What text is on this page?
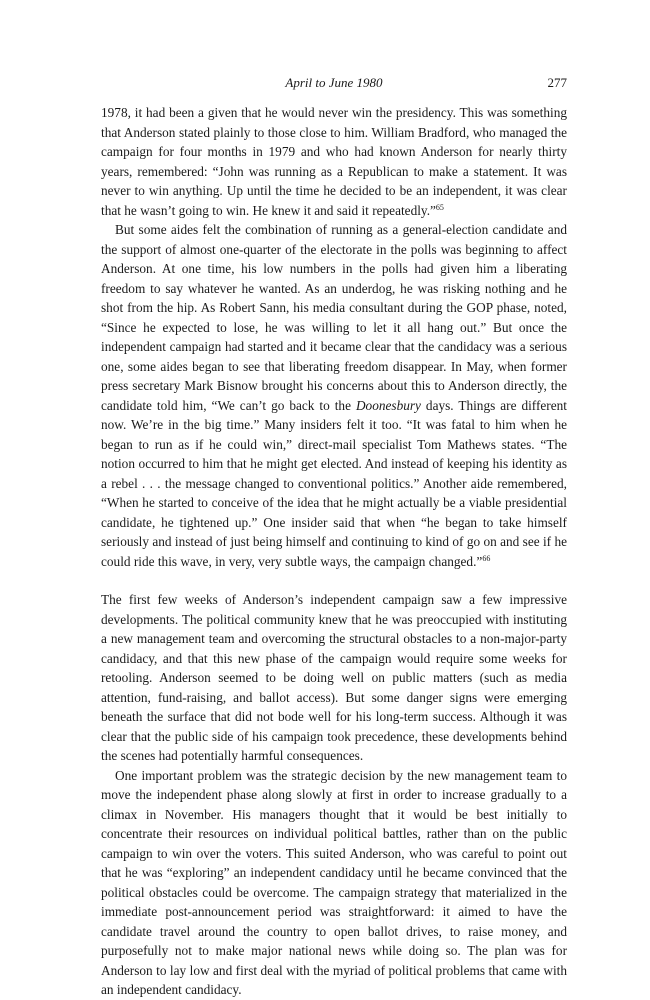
April to June 1980	277

1978, it had been a given that he would never win the presidency. This was something that Anderson stated plainly to those close to him. William Bradford, who managed the campaign for four months in 1979 and who had known Anderson for nearly thirty years, remembered: “John was running as a Republican to make a statement. It was never to win anything. Up until the time he decided to be an independent, it was clear that he wasn’t going to win. He knew it and said it repeatedly.”$^{65}$

But some aides felt the combination of running as a general-election candidate and the support of almost one-quarter of the electorate in the polls was beginning to affect Anderson. At one time, his low numbers in the polls had given him a liberating freedom to say whatever he wanted. As an underdog, he was risking nothing and he shot from the hip. As Robert Sann, his media consultant during the GOP phase, noted, “Since he expected to lose, he was willing to let it all hang out.” But once the independent campaign had started and it became clear that the candidacy was a serious one, some aides began to see that liberating freedom disappear. In May, when former press secretary Mark Bisnow brought his concerns about this to Anderson directly, the candidate told him, “We can’t go back to the Doonesbury days. Things are different now. We’re in the big time.” Many insiders felt it too. “It was fatal to him when he began to run as if he could win,” direct-mail specialist Tom Mathews states. “The notion occurred to him that he might get elected. And instead of keeping his identity as a rebel . . . the message changed to conventional politics.” Another aide remembered, “When he started to conceive of the idea that he might actually be a viable presidential candidate, he tightened up.” One insider said that when “he began to take himself seriously and instead of just being himself and continuing to kind of go on and see if he could ride this wave, in very, very subtle ways, the campaign changed.”$^{66}$

The first few weeks of Anderson’s independent campaign saw a few impressive developments. The political community knew that he was preoccupied with instituting a new management team and overcoming the structural obstacles to a non-major-party candidacy, and that this new phase of the campaign would require some weeks for retooling. Anderson seemed to be doing well on public matters (such as media attention, fund-raising, and ballot access). But some danger signs were emerging beneath the surface that did not bode well for his long-term success. Although it was clear that the public side of his campaign took precedence, these developments behind the scenes had potentially harmful consequences.

One important problem was the strategic decision by the new management team to move the independent phase along slowly at first in order to increase gradually to a climax in November. His managers thought that it would be best initially to concentrate their resources on individual political battles, rather than on the public campaign to win over the voters. This suited Anderson, who was careful to point out that he was “exploring” an independent candidacy until he became convinced that the political obstacles could be overcome. The campaign strategy that materialized in the immediate post-announcement period was straightforward: it aimed to have the candidate travel around the country to open ballot drives, to raise money, and purposefully not to make major national news while doing so. The plan was for Anderson to lay low and first deal with the myriad of political problems that came with an independent candidacy.
